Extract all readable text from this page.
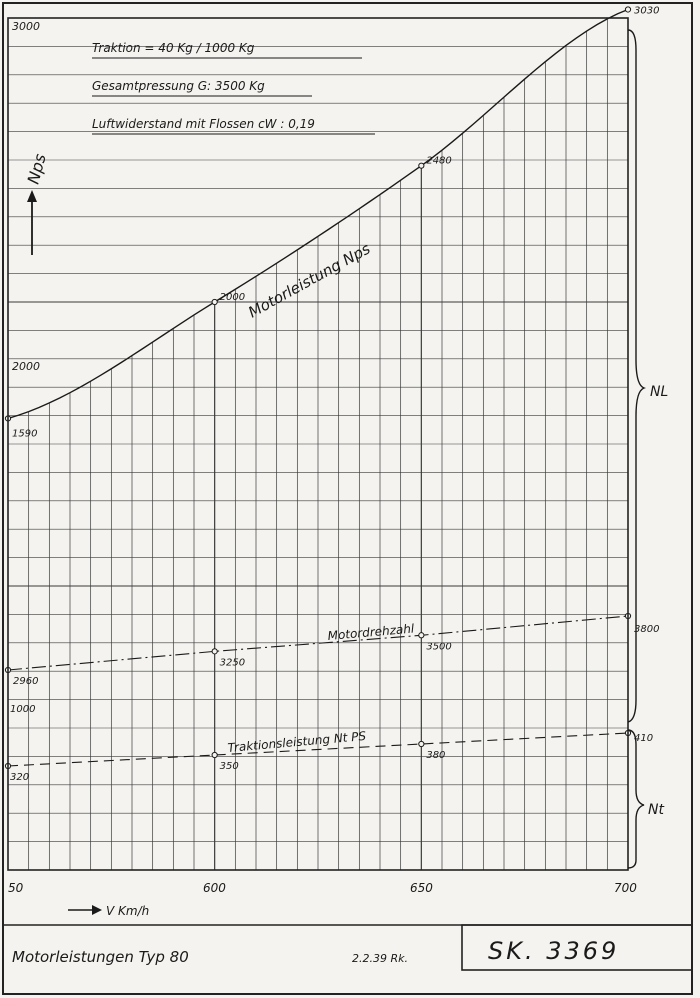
1590
2000
2480
3030
2960
3250
3500
3800
320
350
380
410
3000
2000
1000
Nps
Traktion = 40 Kg / 1000 Kg
Gesamtpressung G: 3500 Kg
Luftwiderstand mit Flossen cW : 0,19
Motorleistung Nps
Motordrehzahl
Traktionsleistung Nt PS
NL
Nt
50	600	650	700
V Km/h
Motorleistungen Typ 80	2.2.39 Rk.	SK. 3369
